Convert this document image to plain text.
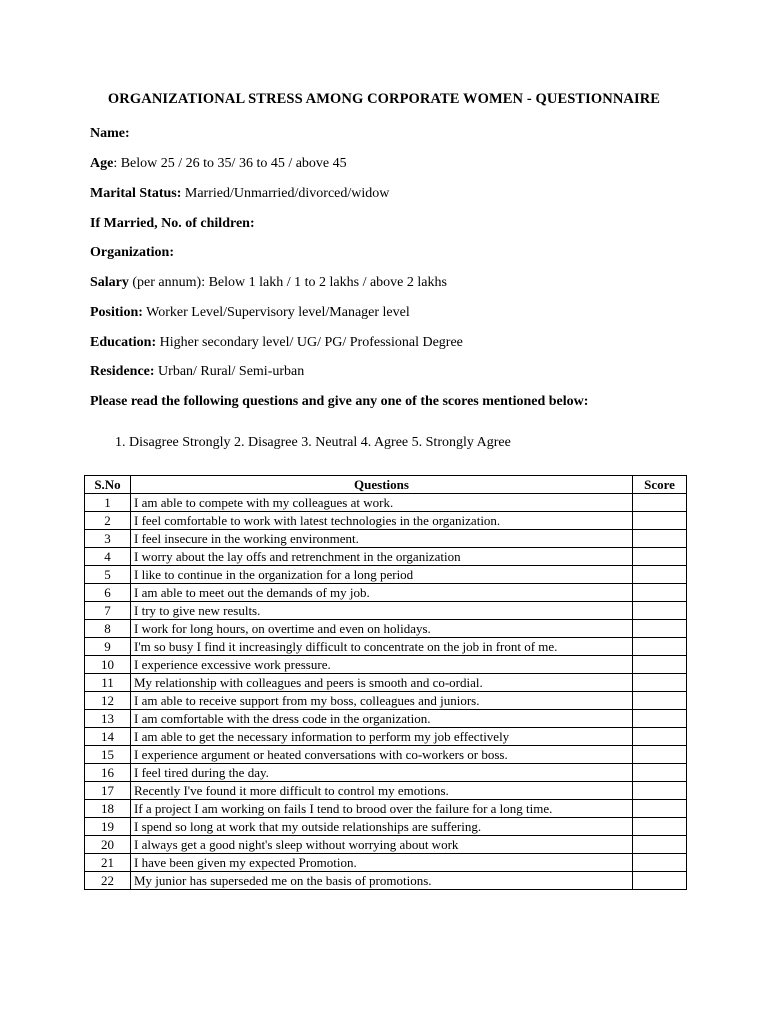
ORGANIZATIONAL STRESS AMONG CORPORATE WOMEN - QUESTIONNAIRE
Name:
Age: Below 25 / 26 to 35/ 36 to 45 / above 45
Marital Status: Married/Unmarried/divorced/widow
If Married, No. of children:
Organization:
Salary (per annum): Below 1 lakh / 1 to 2 lakhs / above 2 lakhs
Position: Worker Level/Supervisory level/Manager level
Education: Higher secondary level/ UG/ PG/ Professional Degree
Residence: Urban/ Rural/ Semi-urban
Please read the following questions and give any one of the scores mentioned below:
1. Disagree Strongly 2. Disagree 3. Neutral 4. Agree 5. Strongly Agree
S.No	Questions	Score
1	I am able to compete with my colleagues at work.	
2	I feel comfortable to work with latest technologies in the organization.	
3	I feel insecure in the working environment.	
4	I worry about the lay offs and retrenchment in the organization	
5	I like to continue in the organization for a long period	
6	I am able to meet out the demands of my job.	
7	I try to give new results.	
8	I work for long hours, on overtime and even on holidays.	
9	I'm so busy I find it increasingly difficult to concentrate on the job in front of me.	
10	I experience excessive work pressure.	
11	My relationship with colleagues and peers is smooth and co-ordial.	
12	I am able to receive support from my boss, colleagues and juniors.	
13	I am comfortable with the dress code in the organization.	
14	I am able to get the necessary information to perform my job effectively	
15	I experience argument or heated conversations with co-workers or boss.	
16	I feel tired during the day.	
17	Recently I've found it more difficult to control my emotions.	
18	If a project I am working on fails I tend to brood over the failure for a long time.	
19	I spend so long at work that my outside relationships are suffering.	
20	I always get a good night's sleep without worrying about work	
21	I have been given my expected Promotion.	
22	My junior has superseded me on the basis of promotions.	
